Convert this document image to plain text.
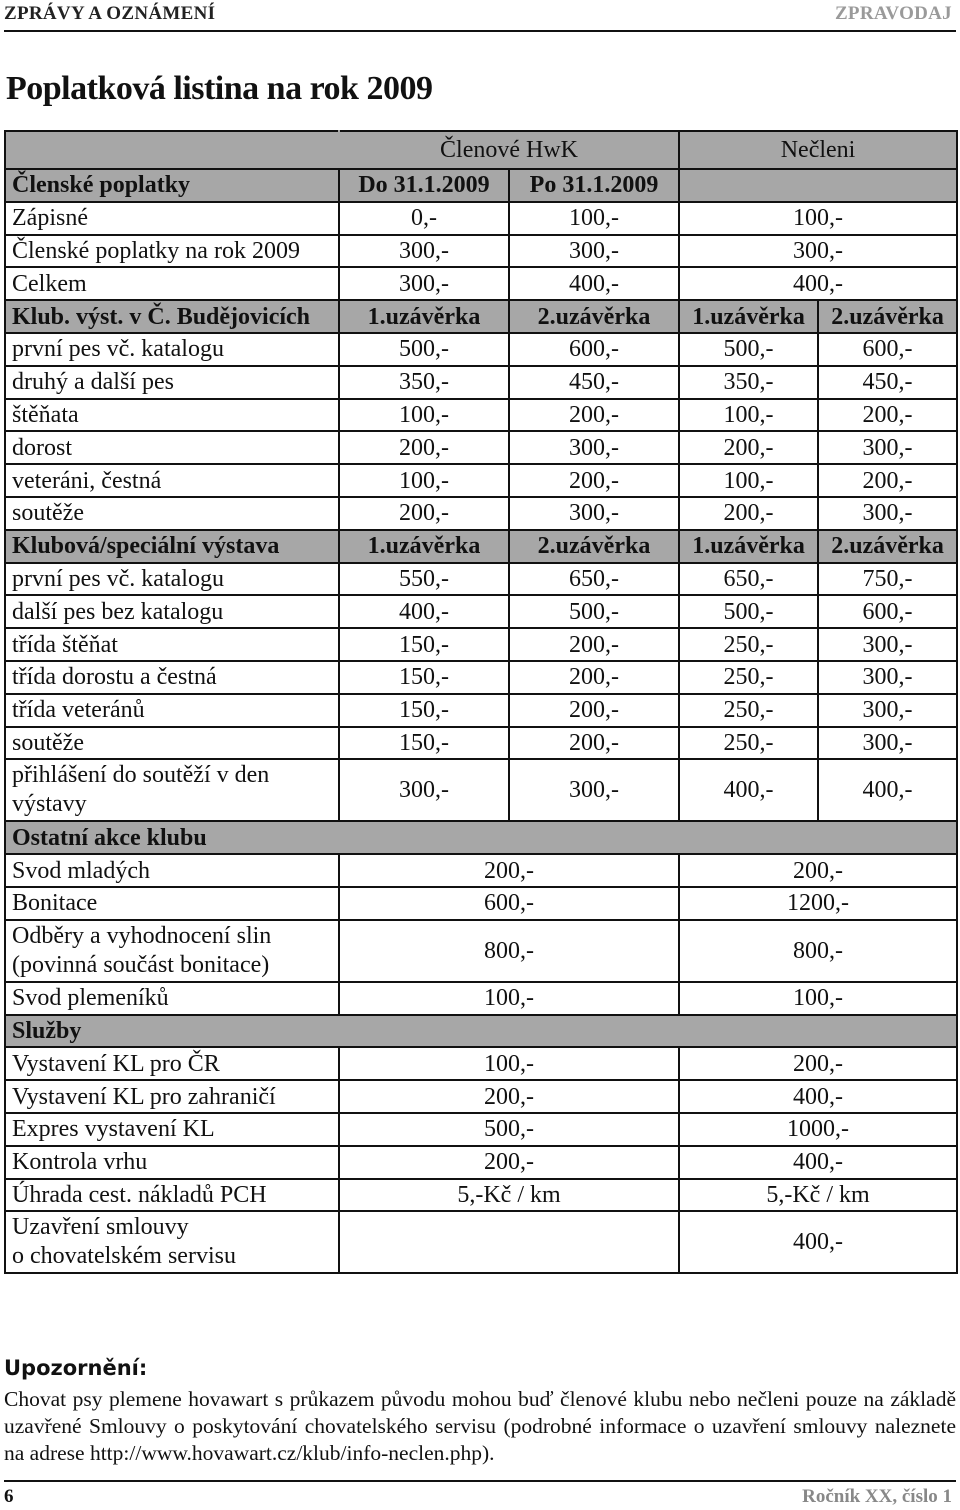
ZPRÁVY A OZNÁMENÍ	ZPRAVODAJ
Poplatková listina na rok 2009
	Členové HwK		Nečleni	
Členské poplatky	Do 31.1.2009	Po 31.1.2009		
Zápisné	0,-	100,-	100,-	
Členské poplatky na rok 2009	300,-	300,-	300,-	
Celkem	300,-	400,-	400,-	
Klub. výst. v Č. Budějovicích	1.uzávěrka	2.uzávěrka	1.uzávěrka	2.uzávěrka
první pes vč. katalogu	500,-	600,-	500,-	600,-
druhý a další pes	350,-	450,-	350,-	450,-
štěňata	100,-	200,-	100,-	200,-
dorost	200,-	300,-	200,-	300,-
veteráni, čestná	100,-	200,-	100,-	200,-
soutěže	200,-	300,-	200,-	300,-
Klubová/speciální výstava	1.uzávěrka	2.uzávěrka	1.uzávěrka	2.uzávěrka
první pes vč. katalogu	550,-	650,-	650,-	750,-
další pes bez katalogu	400,-	500,-	500,-	600,-
třída štěňat	150,-	200,-	250,-	300,-
třída dorostu a čestná	150,-	200,-	250,-	300,-
třída veteránů	150,-	200,-	250,-	300,-
soutěže	150,-	200,-	250,-	300,-
přihlášení do soutěží v den výstavy	300,-	300,-	400,-	400,-
Ostatní akce klubu				
Svod mladých	200,-		200,-	
Bonitace	600,-		1200,-	
Odběry a vyhodnocení slin (povinná součást bonitace)	800,-		800,-	
Svod plemeníků	100,-		100,-	
Služby				
Vystavení KL pro ČR	100,-		200,-	
Vystavení KL pro zahraničí	200,-		400,-	
Expres vystavení KL	500,-		1000,-	
Kontrola vrhu	200,-		400,-	
Úhrada cest. nákladů PCH	5,-Kč / km		5,-Kč / km	

Uzavření smlouvy
o chovatelském servisu			400,-	
Upozornění:
Chovat psy plemene hovawart s průkazem původu mohou buď členové klubu nebo nečleni pouze na základě uzavřené Smlouvy o poskytování chovatelského servisu (podrobné informace o uzavření smlouvy naleznete na adrese http://www.hovawart.cz/klub/info-neclen.php).
6	Ročník XX, číslo 1
